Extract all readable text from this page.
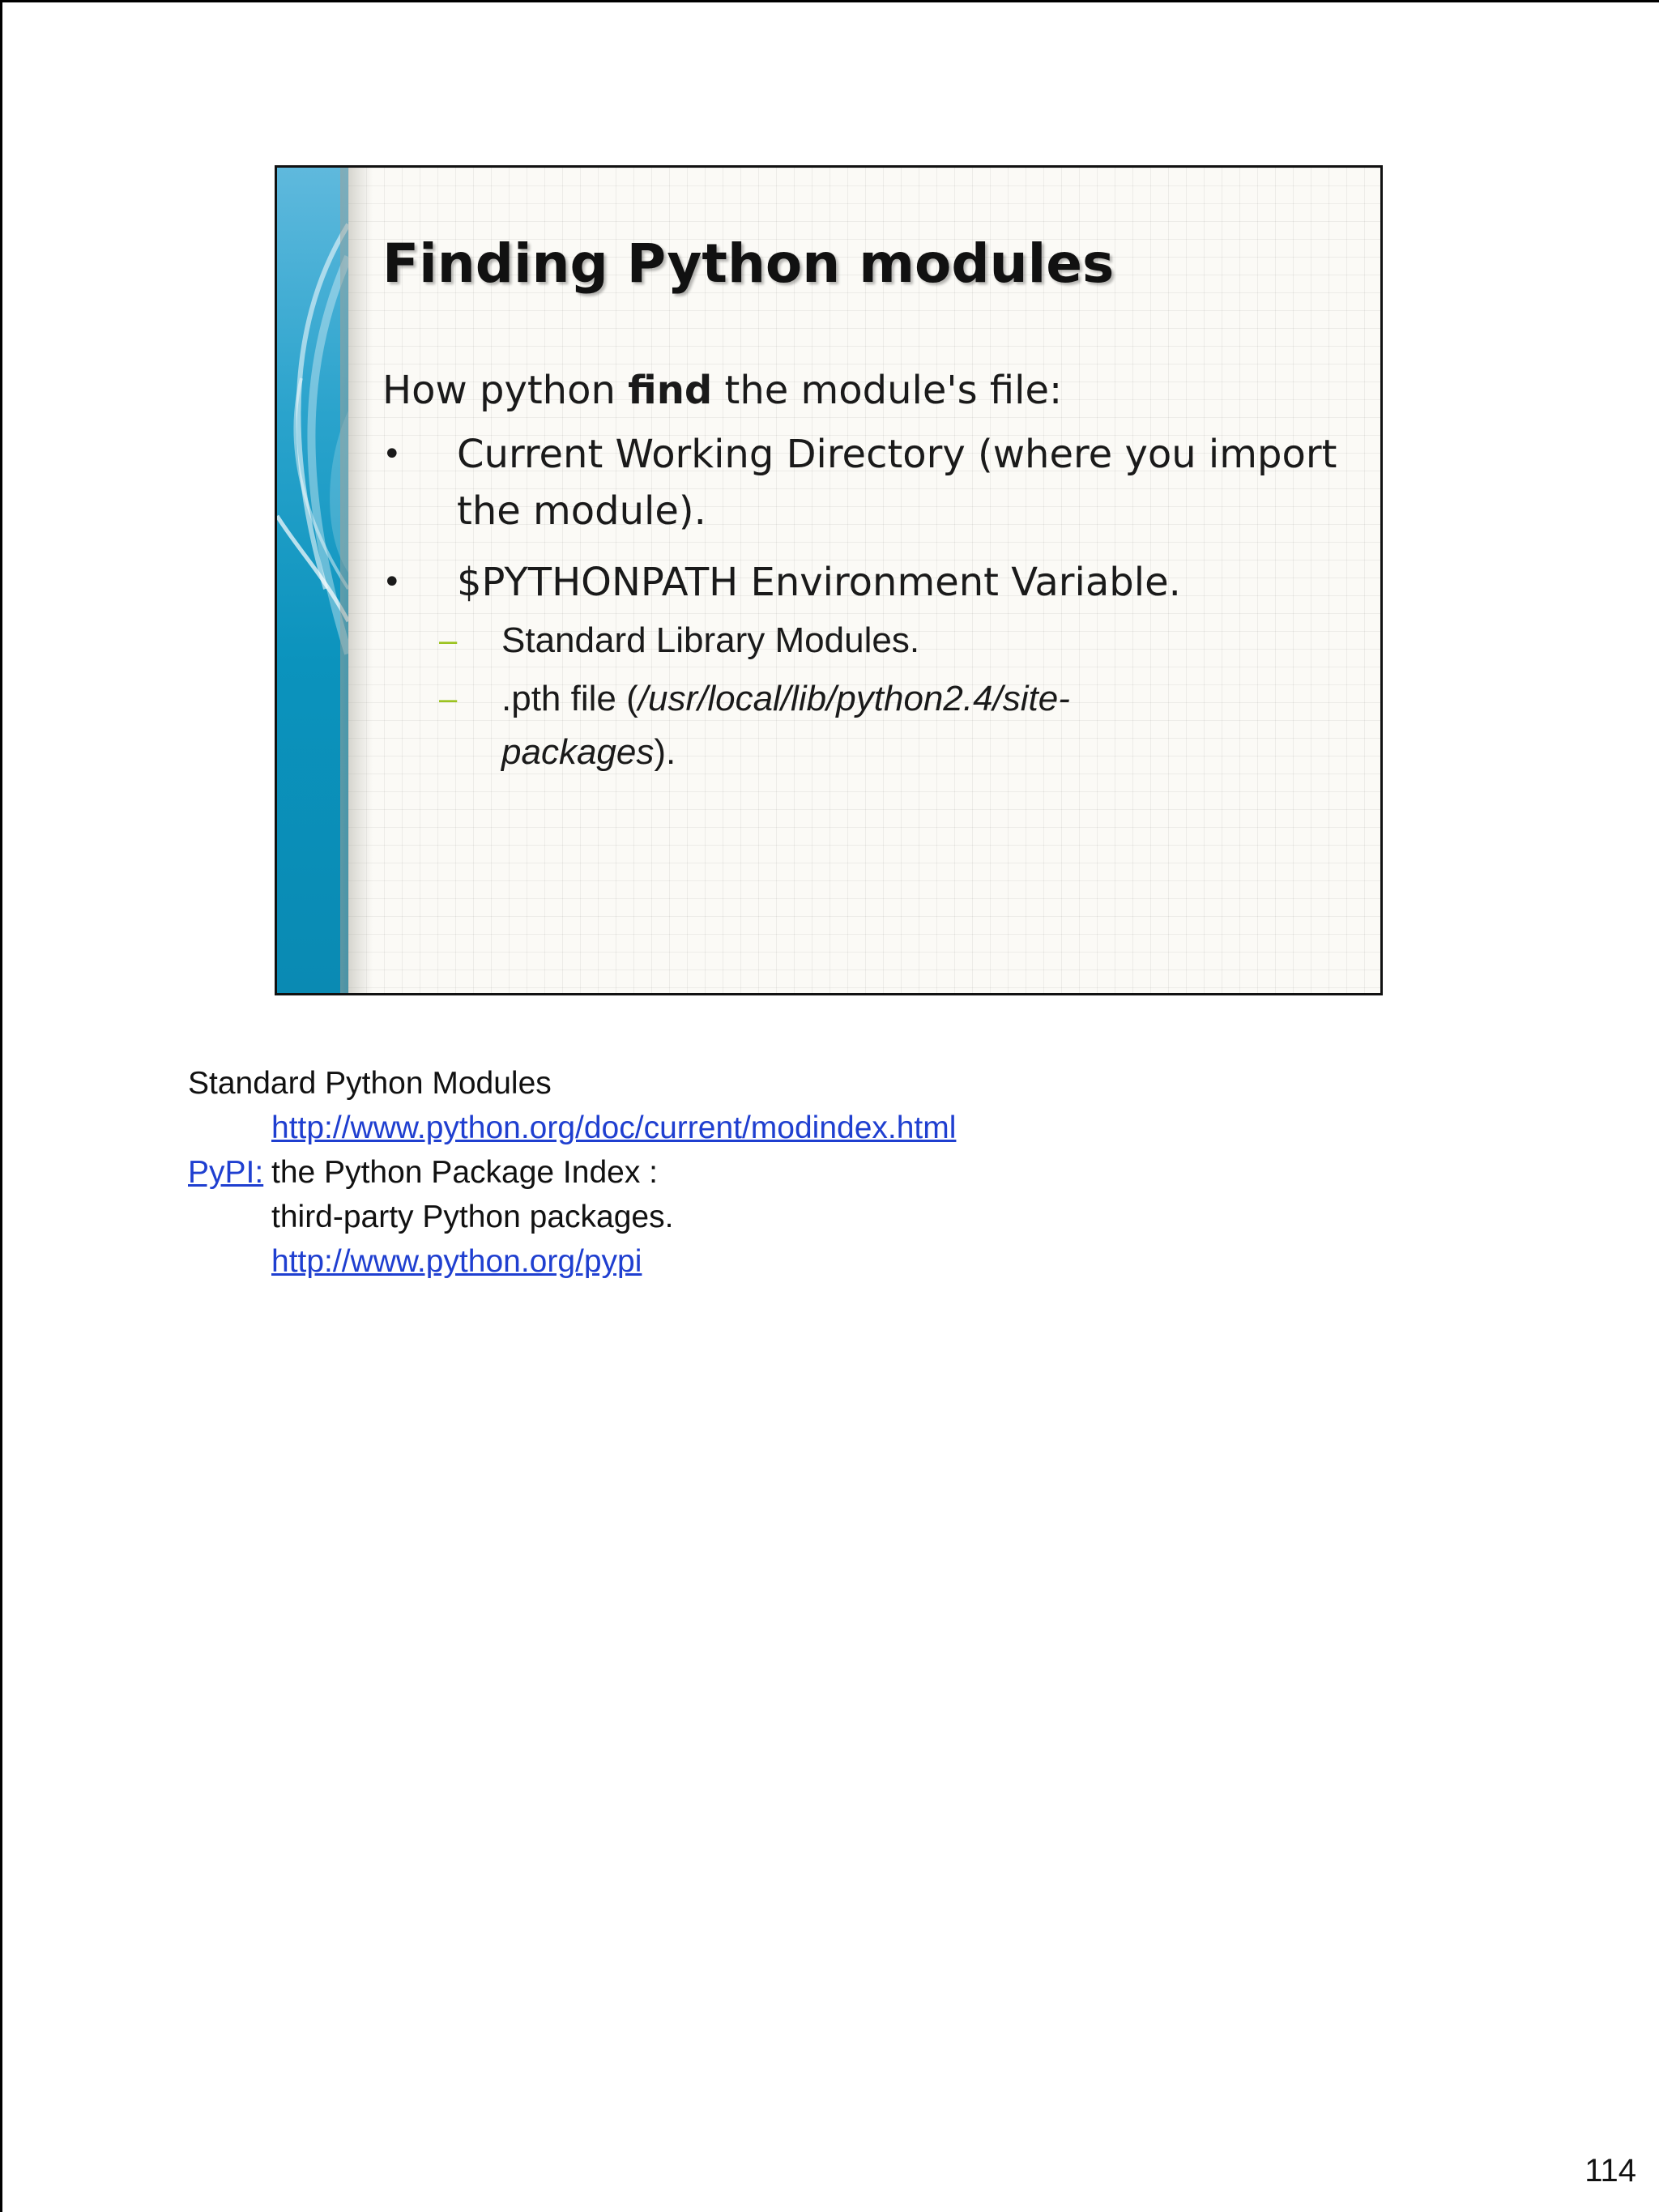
Finding Python modules

How python find the module's file:

• Current Working Directory (where you import the module).
• $PYTHONPATH Environment Variable.
– Standard Library Modules.
– .pth file (/usr/local/lib/python2.4/site-packages).
Standard Python Modules
http://www.python.org/doc/current/modindex.html
PyPI: the Python Package Index :
third-party Python packages.
http://www.python.org/pypi
114
